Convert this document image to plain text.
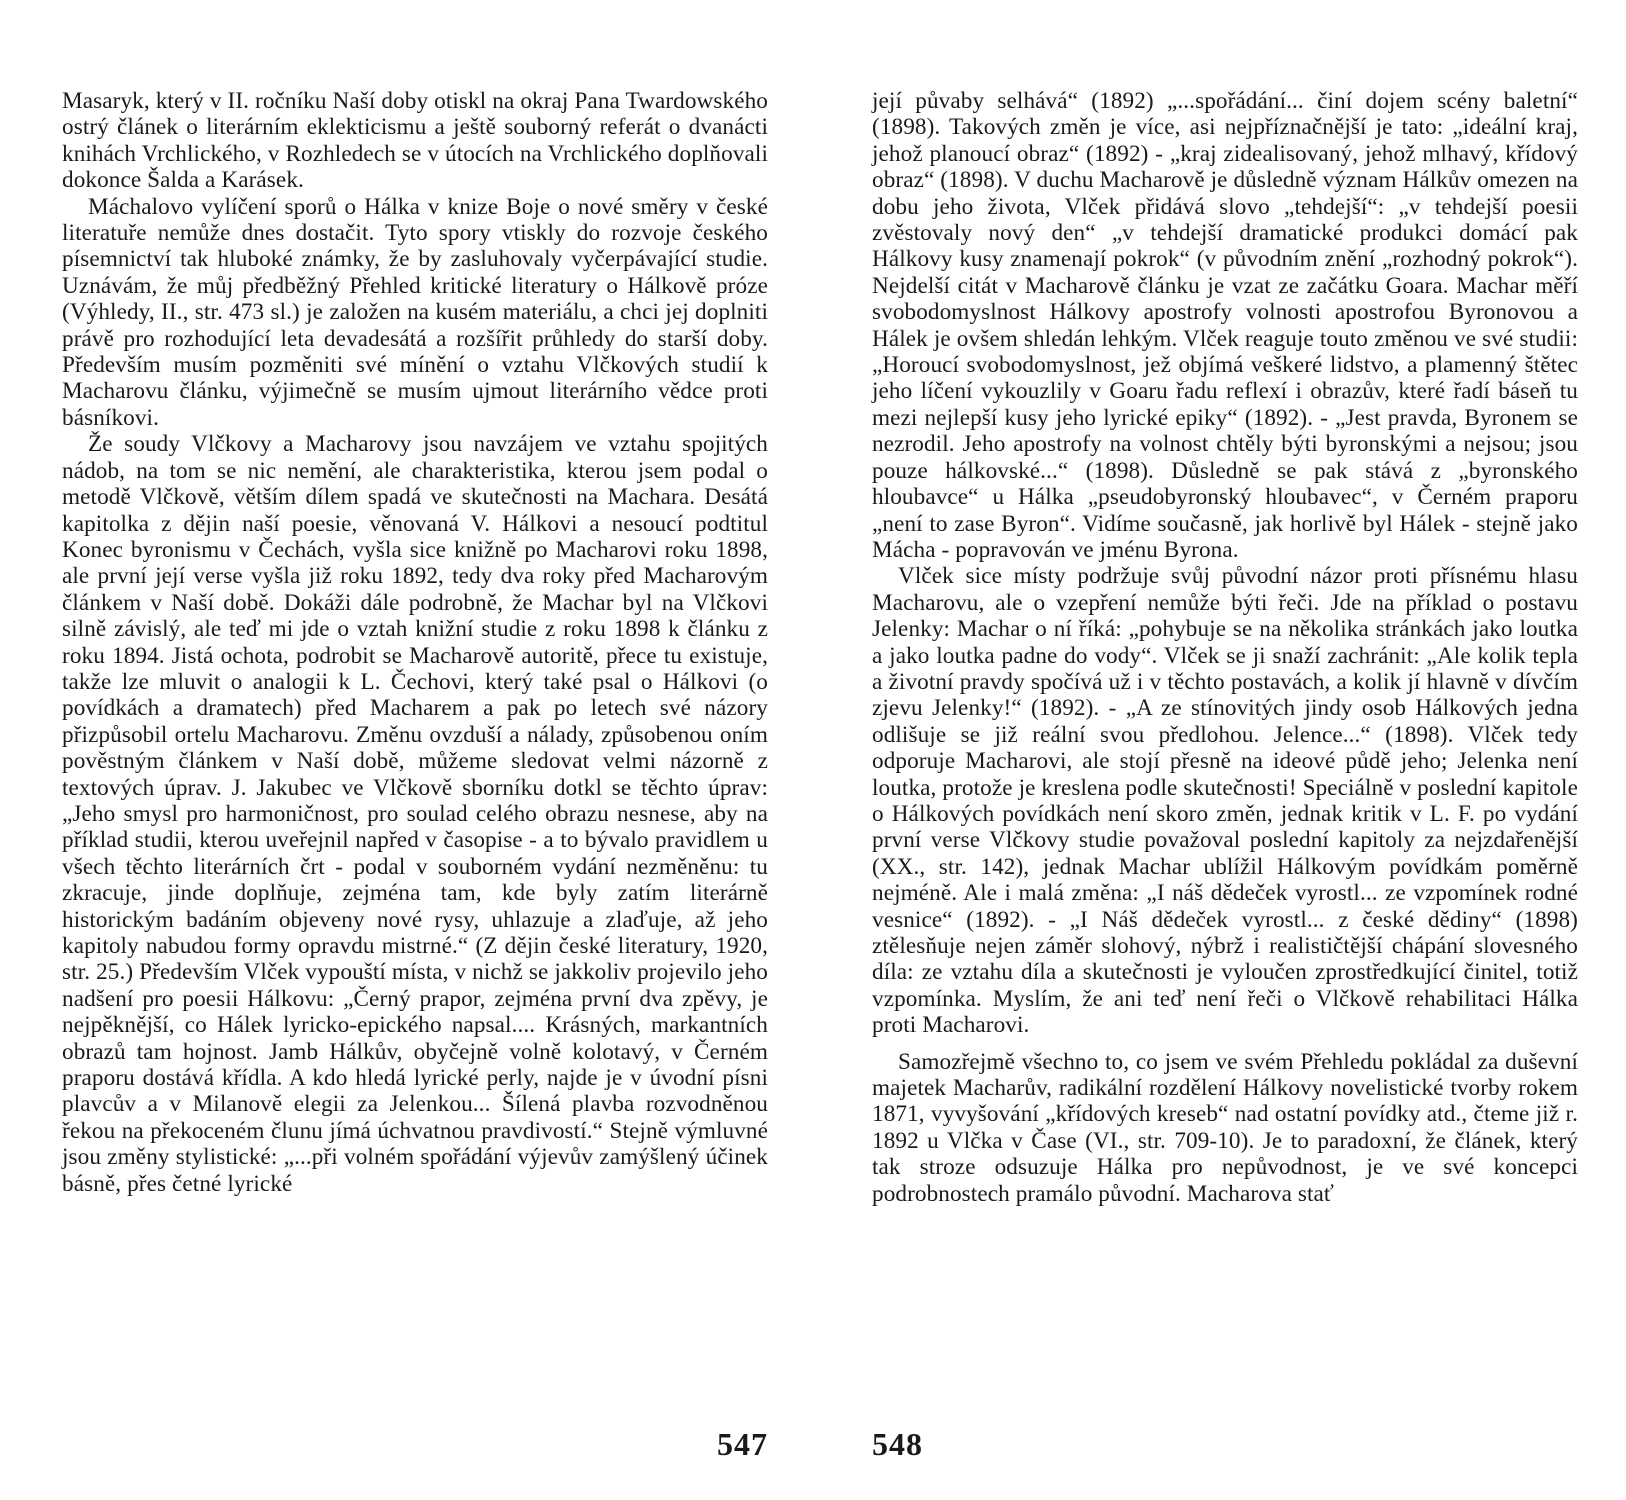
Masaryk, který v II. ročníku Naší doby otiskl na okraj Pana Twardowského ostrý článek o literárním eklekticismu a ještě souborný referát o dvanácti knihách Vrchlického, v Rozhledech se v útocích na Vrchlického doplňovali dokonce Šalda a Karásek.

Máchalovo vylíčení sporů o Hálka v knize Boje o nové směry v české literatuře nemůže dnes dostačit. Tyto spory vtiskly do rozvoje českého písemnictví tak hluboké známky, že by zasluhovaly vyčerpávající studie. Uznávám, že můj předběžný Přehled kritické literatury o Hálkově próze (Výhledy, II., str. 473 sl.) je založen na kusém materiálu, a chci jej doplniti právě pro rozhodující leta devadesátá a rozšířit průhledy do starší doby. Především musím pozměniti své mínění o vztahu Vlčkových studií k Macharovu článku, výjimečně se musím ujmout literárního vědce proti básníkovi.

Že soudy Vlčkovy a Macharovy jsou navzájem ve vztahu spojitých nádob, na tom se nic nemění, ale charakteristika, kterou jsem podal o metodě Vlčkově, větším dílem spadá ve skutečnosti na Machara. Desátá kapitolka z dějin naší poesie, věnovaná V. Hálkovi a nesoucí podtitul Konec byronismu v Čechách, vyšla sice knižně po Macharovi roku 1898, ale první její verse vyšla již roku 1892, tedy dva roky před Macharovým článkem v Naší době. Dokáži dále podrobně, že Machar byl na Vlčkovi silně závislý, ale teď mi jde o vztah knižní studie z roku 1898 k článku z roku 1894. Jistá ochota, podrobit se Macharově autoritě, přece tu existuje, takže lze mluvit o analogii k L. Čechovi, který také psal o Hálkovi (o povídkách a dramatech) před Macharem a pak po letech své názory přizpůsobil ortelu Macharovu. Změnu ovzduší a nálady, způsobenou oním pověstným článkem v Naší době, můžeme sledovat velmi názorně z textových úprav. J. Jakubec ve Vlčkově sborníku dotkl se těchto úprav: „Jeho smysl pro harmoničnost, pro soulad celého obrazu nesnese, aby na příklad studii, kterou uveřejnil napřed v časopise - a to bývalo pravidlem u všech těchto literárních črt - podal v souborném vydání nezměněnu: tu zkracuje, jinde doplňuje, zejména tam, kde byly zatím literárně historickým badáním objeveny nové rysy, uhlazuje a zlaďuje, až jeho kapitoly nabudou formy opravdu mistrné.“ (Z dějin české literatury, 1920, str. 25.) Především Vlček vypouští místa, v nichž se jakkoliv projevilo jeho nadšení pro poesii Hálkovu: „Černý prapor, zejména první dva zpěvy, je nejpěknější, co Hálek lyricko-epického napsal.... Krásných, markantních obrazů tam hojnost. Jamb Hálkův, obyčejně volně kolotavý, v Černém praporu dostává křídla. A kdo hledá lyrické perly, najde je v úvodní písni plavcův a v Milanově elegii za Jelenkou... Šílená plavba rozvodněnou řekou na překoceném člunu jímá úchvatnou pravdivostí.“ Stejně výmluvné jsou změny stylistické: „...při volném spořádání výjevův zamýšlený účinek básně, přes četné lyrické

547

její půvaby selhává“ (1892) „...spořádání... činí dojem scény baletní“ (1898). Takových změn je více, asi nejpříznačnější je tato: „ideální kraj, jehož planoucí obraz“ (1892) - „kraj zidealisovaný, jehož mlhavý, křídový obraz“ (1898). V duchu Macharově je důsledně význam Hálkův omezen na dobu jeho života, Vlček přidává slovo „tehdejší“: „v tehdejší poesii zvěstovaly nový den“ „v tehdejší dramatické produkci domácí pak Hálkovy kusy znamenají pokrok“ (v původním znění „rozhodný pokrok“). Nejdelší citát v Macharově článku je vzat ze začátku Goara. Machar měří svobodomyslnost Hálkovy apostrofy volnosti apostrofou Byronovou a Hálek je ovšem shledán lehkým. Vlček reaguje touto změnou ve své studii: „Horoucí svobodomyslnost, jež objímá veškeré lidstvo, a plamenný štětec jeho líčení vykouzlily v Goaru řadu reflexí i obrazův, které řadí báseň tu mezi nejlepší kusy jeho lyrické epiky“ (1892). - „Jest pravda, Byronem se nezrodil. Jeho apostrofy na volnost chtěly býti byronskými a nejsou; jsou pouze hálkovské...“ (1898). Důsledně se pak stává z „byronského hloubavce“ u Hálka „pseudobyronský hloubavec“, v Černém praporu „není to zase Byron“. Vidíme současně, jak horlivě byl Hálek - stejně jako Mácha - popravován ve jménu Byrona.

Vlček sice místy podržuje svůj původní názor proti přísnému hlasu Macharovu, ale o vzepření nemůže býti řeči. Jde na příklad o postavu Jelenky: Machar o ní říká: „pohybuje se na několika stránkách jako loutka a jako loutka padne do vody“. Vlček se ji snaží zachránit: „Ale kolik tepla a životní pravdy spočívá už i v těchto postavách, a kolik jí hlavně v dívčím zjevu Jelenky!“ (1892). - „A ze stínovitých jindy osob Hálkových jedna odlišuje se již reální svou předlohou. Jelence...“ (1898). Vlček tedy odporuje Macharovi, ale stojí přesně na ideové půdě jeho; Jelenka není loutka, protože je kreslena podle skutečnosti! Speciálně v poslední kapitole o Hálkových povídkách není skoro změn, jednak kritik v L. F. po vydání první verse Vlčkovy studie považoval poslední kapitoly za nejzdařenější (XX., str. 142), jednak Machar ublížil Hálkovým povídkám poměrně nejméně. Ale i malá změna: „I náš dědeček vyrostl... ze vzpomínek rodné vesnice“ (1892). - „I Náš dědeček vyrostl... z české dědiny“ (1898) ztělesňuje nejen záměr slohový, nýbrž i realističtější chápání slovesného díla: ze vztahu díla a skutečnosti je vyloučen zprostředkující činitel, totiž vzpomínka. Myslím, že ani teď není řeči o Vlčkově rehabilitaci Hálka proti Macharovi.

Samozřejmě všechno to, co jsem ve svém Přehledu pokládal za duševní majetek Macharův, radikální rozdělení Hálkovy novelistické tvorby rokem 1871, vyvyšování „křídových kreseb“ nad ostatní povídky atd., čteme již r. 1892 u Vlčka v Čase (VI., str. 709-10). Je to paradoxní, že článek, který tak stroze odsuzuje Hálka pro nepůvodnost, je ve své koncepci podrobnostech pramálo původní. Macharova stať

548
